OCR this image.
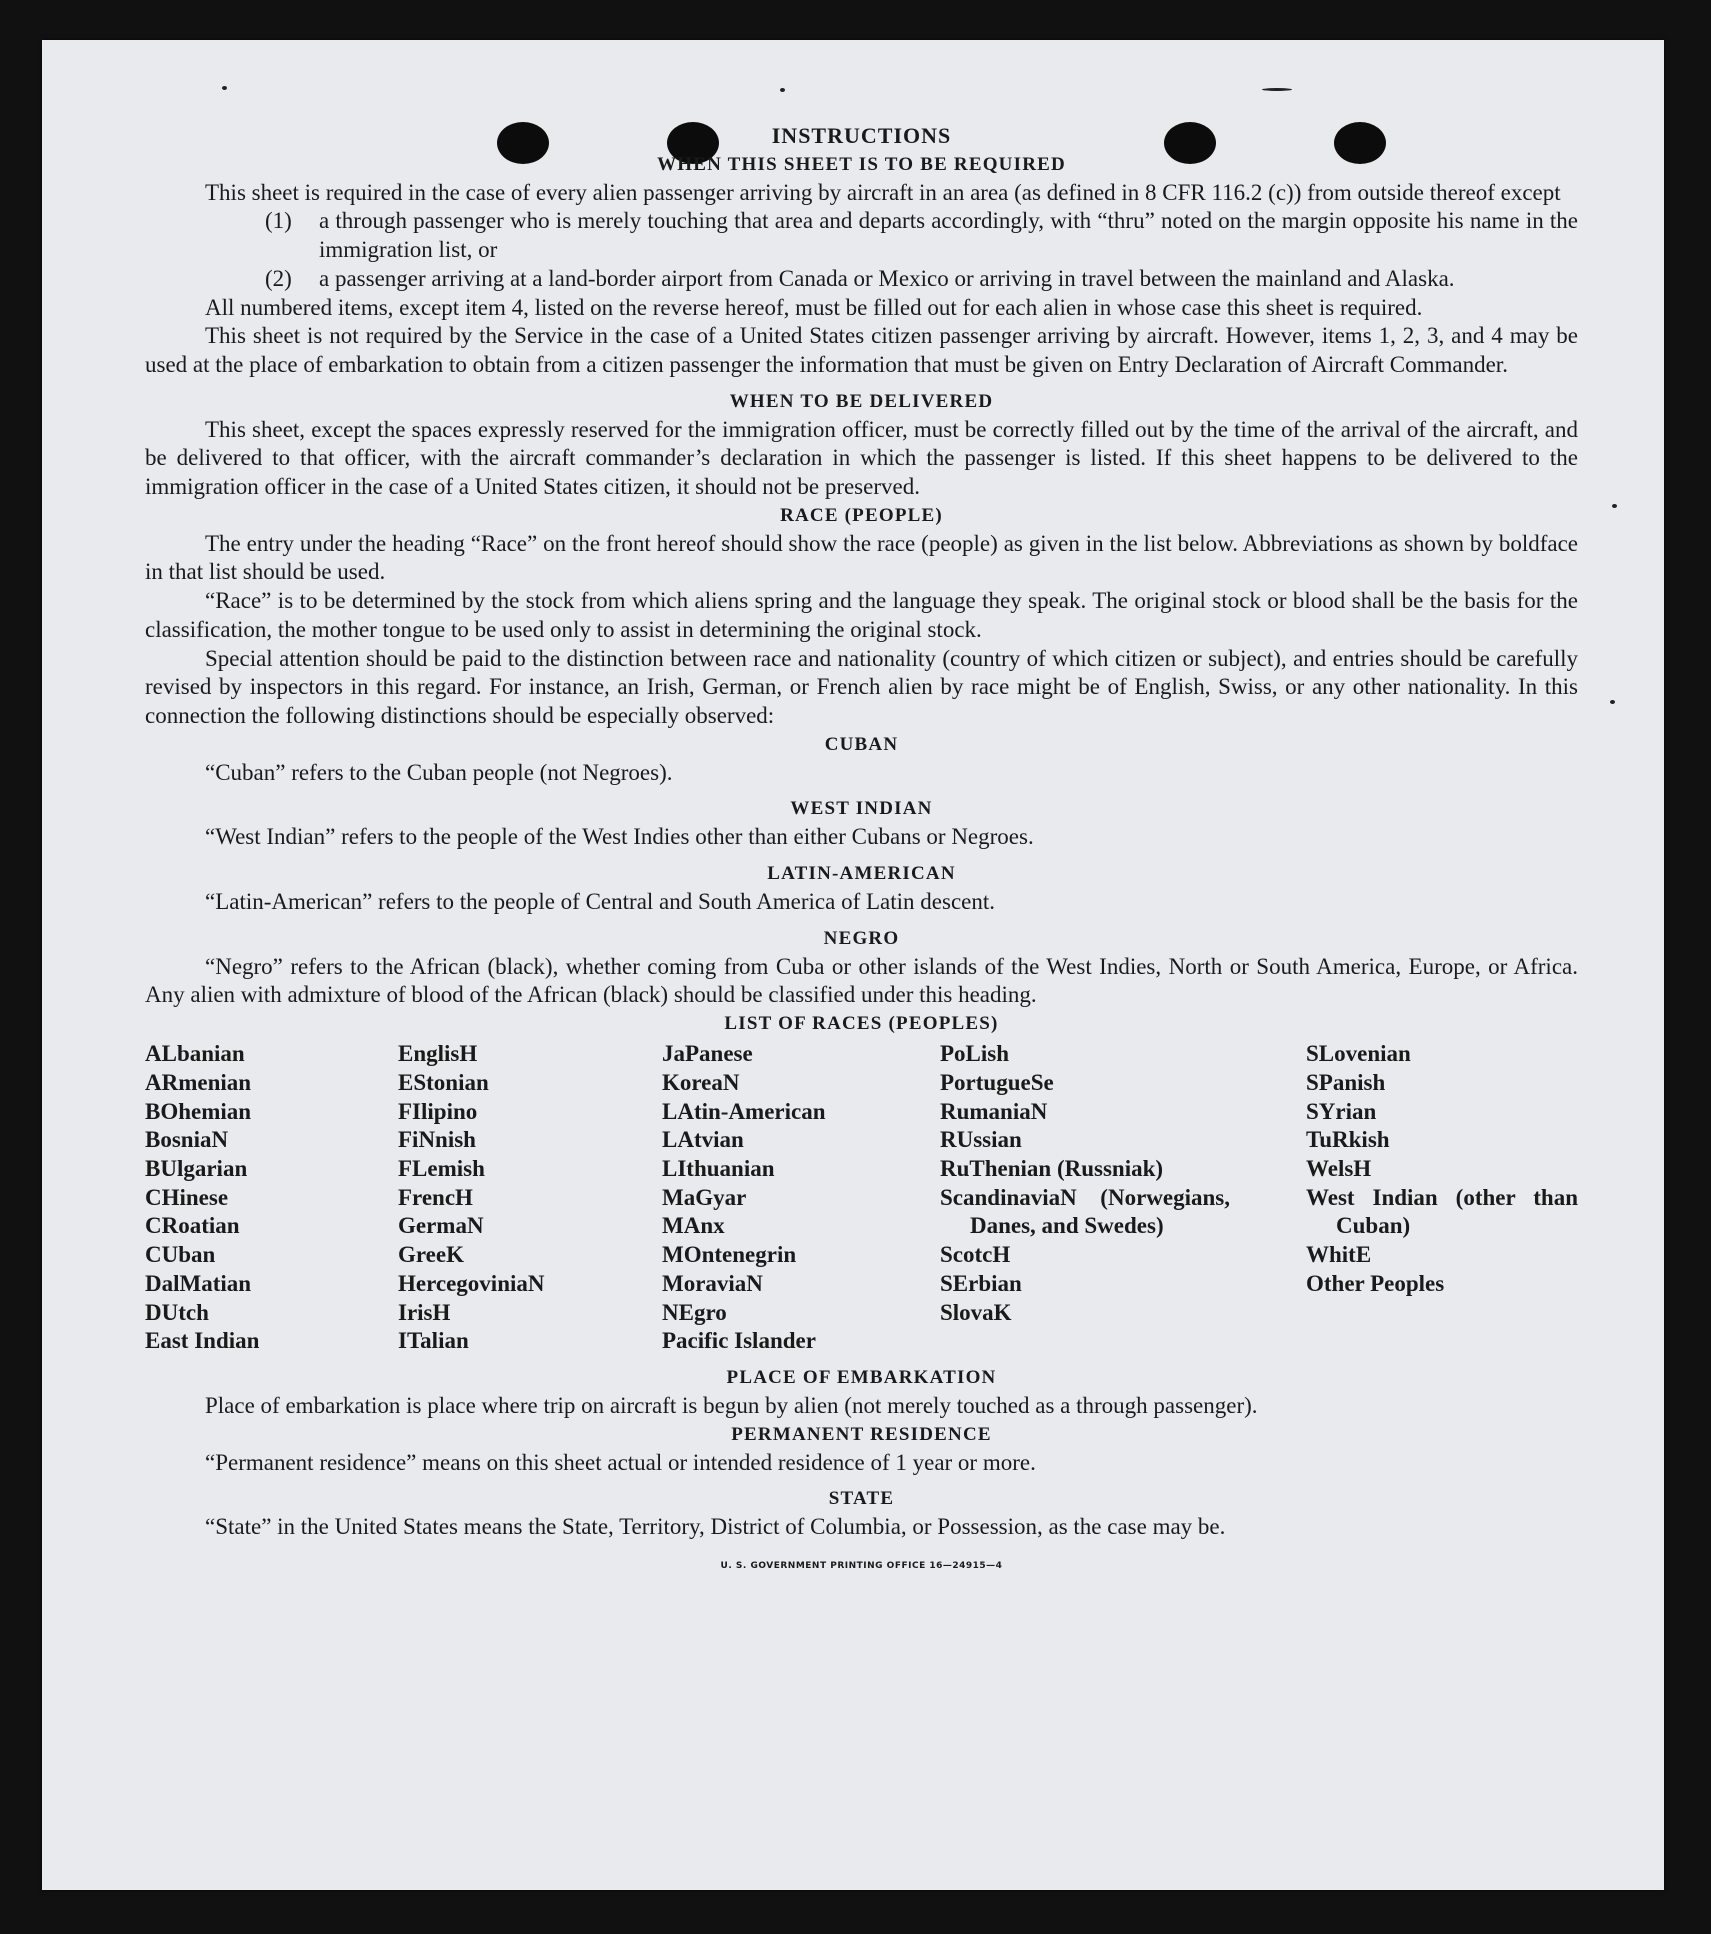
INSTRUCTIONS
WHEN THIS SHEET IS TO BE REQUIRED

This sheet is required in the case of every alien passenger arriving by aircraft in an area (as defined in 8 CFR 116.2 (c)) from outside thereof except

(1)	a through passenger who is merely touching that area and departs accordingly, with “thru” noted on the margin opposite his name in the immigration list, or
(2)	a passenger arriving at a land-border airport from Canada or Mexico or arriving in travel between the mainland and Alaska.

All numbered items, except item 4, listed on the reverse hereof, must be filled out for each alien in whose case this sheet is required.

This sheet is not required by the Service in the case of a United States citizen passenger arriving by aircraft. However, items 1, 2, 3, and 4 may be used at the place of embarkation to obtain from a citizen passenger the information that must be given on Entry Declaration of Aircraft Commander.

WHEN TO BE DELIVERED

This sheet, except the spaces expressly reserved for the immigration officer, must be correctly filled out by the time of the arrival of the aircraft, and be delivered to that officer, with the aircraft commander’s declaration in which the passenger is listed. If this sheet happens to be delivered to the immigration officer in the case of a United States citizen, it should not be preserved.

RACE (PEOPLE)

The entry under the heading “Race” on the front hereof should show the race (people) as given in the list below. Abbreviations as shown by boldface in that list should be used.

“Race” is to be determined by the stock from which aliens spring and the language they speak. The original stock or blood shall be the basis for the classification, the mother tongue to be used only to assist in determining the original stock.

Special attention should be paid to the distinction between race and nationality (country of which citizen or subject), and entries should be carefully revised by inspectors in this regard. For instance, an Irish, German, or French alien by race might be of English, Swiss, or any other nationality. In this connection the following distinctions should be especially observed:

CUBAN

“Cuban” refers to the Cuban people (not Negroes).

WEST INDIAN

“West Indian” refers to the people of the West Indies other than either Cubans or Negroes.

LATIN-AMERICAN

“Latin-American” refers to the people of Central and South America of Latin descent.

NEGRO

“Negro” refers to the African (black), whether coming from Cuba or other islands of the West Indies, North or South America, Europe, or Africa. Any alien with admixture of blood of the African (black) should be classified under this heading.

LIST OF RACES (PEOPLES)
ALbanian
ARmenian
BOhemian
BosniaN
BUlgarian
CHinese
CRoatian
CUban
DalMatian
DUtch
East Indian
EnglisH
EStonian
FIlipino
FiNnish
FLemish
FrencH
GermaN
GreeK
HercegoviniaN
IrisH
ITalian
JaPanese
KoreaN
LAtin-American
LAtvian
LIthuanian
MaGyar
MAnx
MOntenegrin
MoraviaN
NEgro
Pacific Islander
PoLish
PortugueSe
RumaniaN
RUssian
RuThenian (Russniak)
ScandinaviaN (Norwegians, Danes, and Swedes)
ScotcH
SErbian
SlovaK
SLovenian
SPanish
SYrian
TuRkish
WelsH
West Indian (other than Cuban)
WhitE
Other Peoples
PLACE OF EMBARKATION

Place of embarkation is place where trip on aircraft is begun by alien (not merely touched as a through passenger).

PERMANENT RESIDENCE

“Permanent residence” means on this sheet actual or intended residence of 1 year or more.

STATE

“State” in the United States means the State, Territory, District of Columbia, or Possession, as the case may be.

U. S. GOVERNMENT PRINTING OFFICE 16—24915—4
